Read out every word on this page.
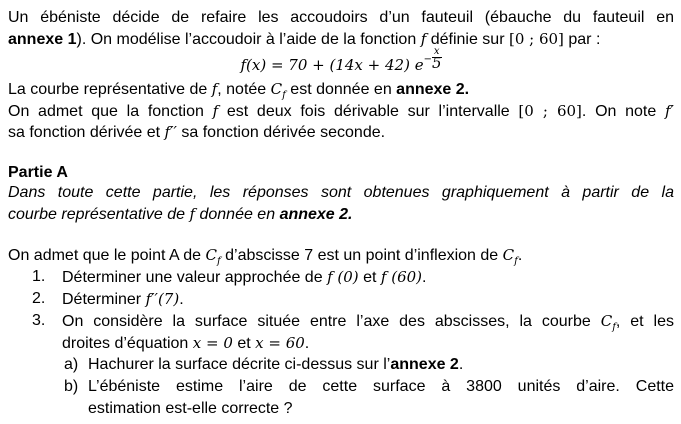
Un ébéniste décide de refaire les accoudoirs d’un fauteuil (ébauche du fauteuil en
annexe 1). On modélise l’accoudoir à l’aide de la fonction f définie sur [0 ; 60] par :
f(x) = 70 + (14x + 42) $e^- \frac{x}{5}$
La courbe représentative de f, notée $C_f$ est donnée en annexe 2.
On admet que la fonction f est deux fois dérivable sur l’intervalle [0 ; 60]. On note f′
sa fonction dérivée et f′′ sa fonction dérivée seconde.
Partie A
Dans toute cette partie, les réponses sont obtenues graphiquement à partir de la
courbe représentative de f donnée en annexe 2.
On admet que le point A de $C_f$ d’abscisse 7 est un point d’inflexion de $C_f$.
1. Déterminer une valeur approchée de f (0) et f (60).
2. Déterminer f′′(7).
3. On considère la surface située entre l’axe des abscisses, la courbe $C_f$, et les
droites d’équation x = 0 et x = 60.
a) Hachurer la surface décrite ci-dessus sur l’annexe 2.
b) L’ébéniste estime l’aire de cette surface à 3800 unités d’aire. Cette
estimation est-elle correcte ?
